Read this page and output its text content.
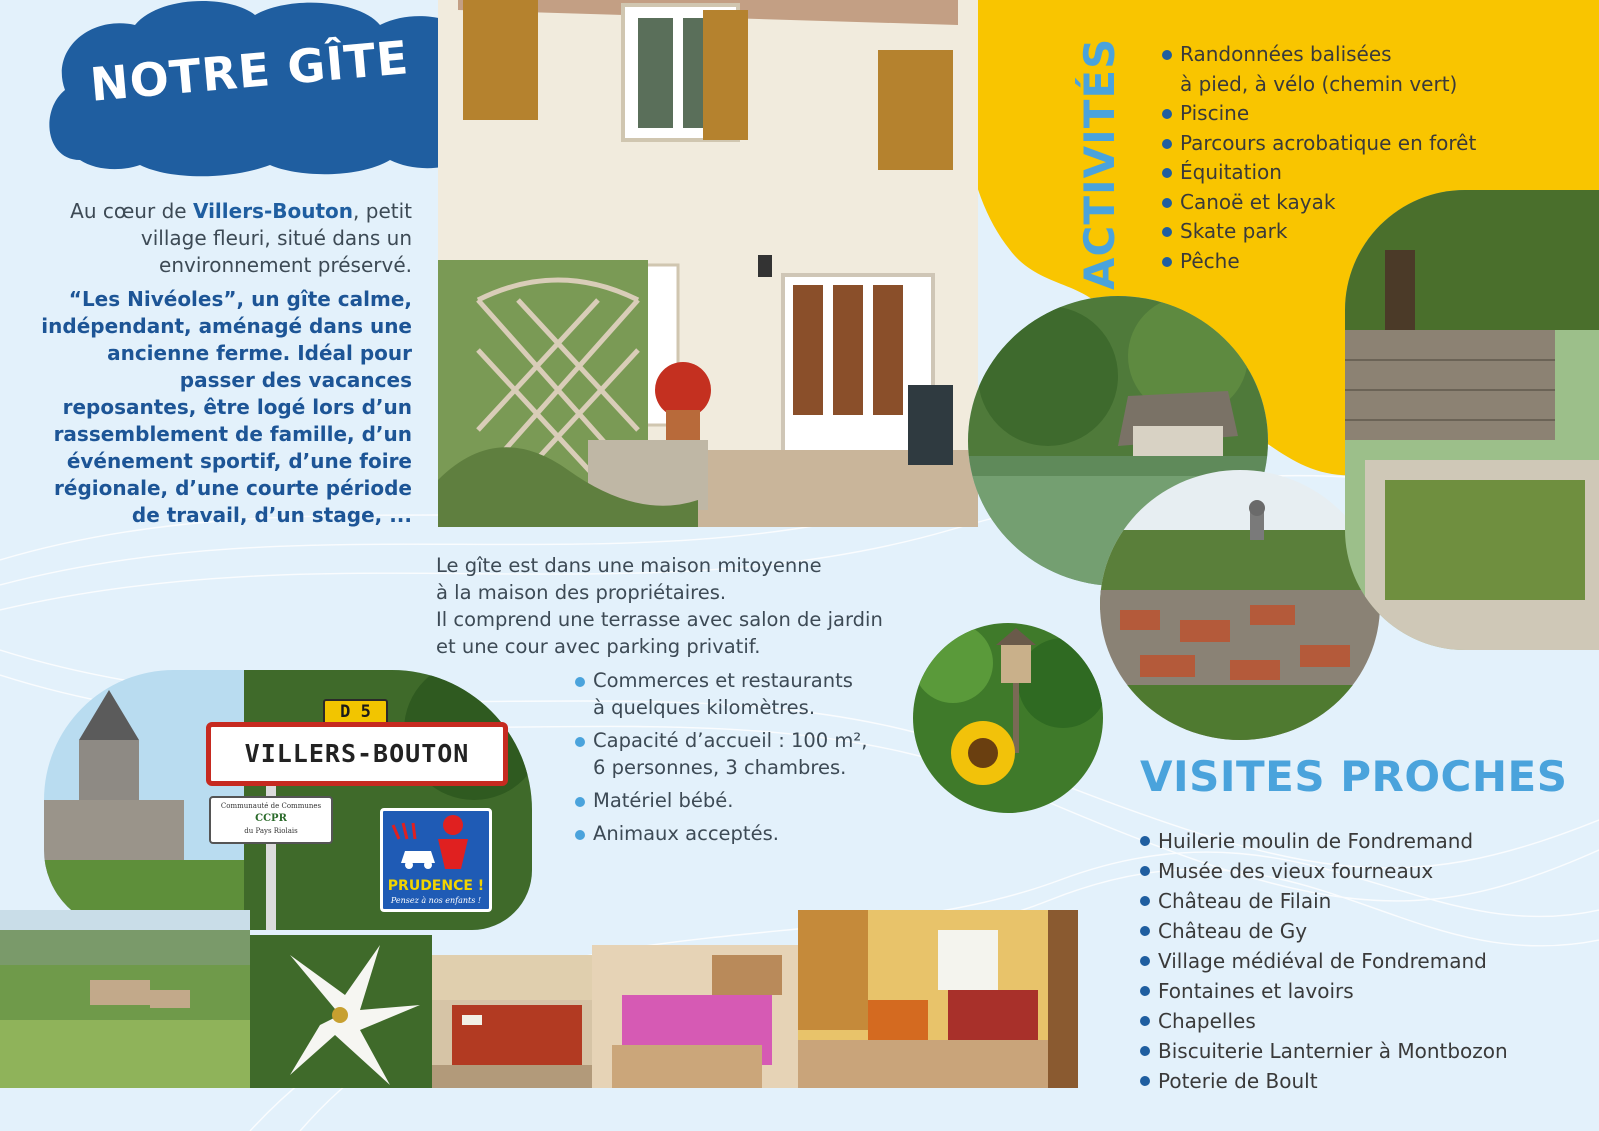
NOTRE GÎTE
Au cœur de Villers-Bouton, petit village fleuri, situé dans un environnement préservé.
“Les Nivéoles”, un gîte calme, indépendant, aménagé dans une ancienne ferme. Idéal pour passer des vacances reposantes, être logé lors d’un rassemblement de famille, d’un événement sportif, d’une foire régionale, d’une courte période de travail, d’un stage, ...
D 5
VILLERS-BOUTON
Communauté de Communes
CCPR
du Pays Riolais
PRUDENCE !
Pensez à nos enfants !
Le gîte est dans une maison mitoyenne
à la maison des propriétaires.
Il comprend une terrasse avec salon de jardin
et une cour avec parking privatif.
Commerces et restaurants
à quelques kilomètres.
Capacité d’accueil : 100 m²,
6 personnes, 3 chambres.
Matériel bébé.
Animaux acceptés.
ACTIVITÉS	Randonnées balisées
à pied, à vélo (chemin vert)
Piscine
Parcours acrobatique en forêt
Équitation
Canoë et kayak
Skate park
Pêche
VISITES PROCHES
Huilerie moulin de Fondremand
Musée des vieux fourneaux
Château de Filain
Château de Gy
Village médiéval de Fondremand
Fontaines et lavoirs
Chapelles
Biscuiterie Lanternier à Montbozon
Poterie de Boult
